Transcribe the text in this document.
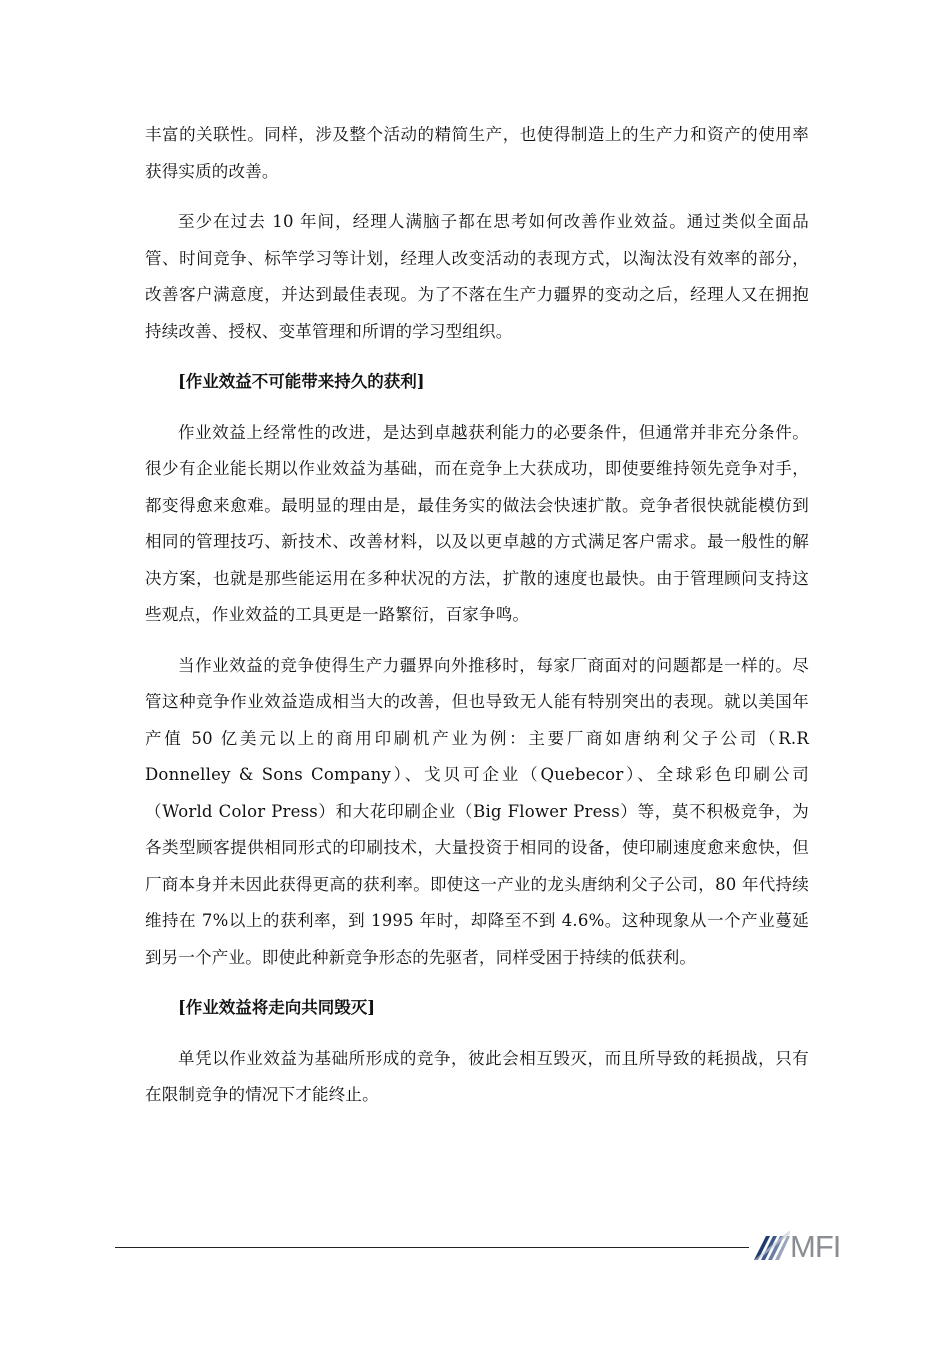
丰富的关联性。同样，涉及整个活动的精简生产，也使得制造上的生产力和资产的使用率获得实质的改善。

至少在过去 10 年间，经理人满脑子都在思考如何改善作业效益。通过类似全面品管、时间竞争、标竿学习等计划，经理人改变活动的表现方式，以淘汰没有效率的部分，改善客户满意度，并达到最佳表现。为了不落在生产力疆界的变动之后，经理人又在拥抱持续改善、授权、变革管理和所谓的学习型组织。

[作业效益不可能带来持久的获利]

作业效益上经常性的改进，是达到卓越获利能力的必要条件，但通常并非充分条件。很少有企业能长期以作业效益为基础，而在竞争上大获成功，即使要维持领先竞争对手，都变得愈来愈难。最明显的理由是，最佳务实的做法会快速扩散。竞争者很快就能模仿到相同的管理技巧、新技术、改善材料，以及以更卓越的方式满足客户需求。最一般性的解决方案，也就是那些能运用在多种状况的方法，扩散的速度也最快。由于管理顾问支持这些观点，作业效益的工具更是一路繁衍，百家争鸣。

当作业效益的竞争使得生产力疆界向外推移时，每家厂商面对的问题都是一样的。尽管这种竞争作业效益造成相当大的改善，但也导致无人能有特别突出的表现。就以美国年产值 50 亿美元以上的商用印刷机产业为例：主要厂商如唐纳利父子公司（R.R Donnelley & Sons Company）、戈贝可企业（Quebecor）、全球彩色印刷公司（World Color Press）和大花印刷企业（Big Flower Press）等，莫不积极竞争，为各类型顾客提供相同形式的印刷技术，大量投资于相同的设备，使印刷速度愈来愈快，但厂商本身并未因此获得更高的获利率。即使这一产业的龙头唐纳利父子公司，80 年代持续维持在 7%以上的获利率，到 1995 年时，却降至不到 4.6%。这种现象从一个产业蔓延到另一个产业。即使此种新竞争形态的先驱者，同样受困于持续的低获利。

[作业效益将走向共同毁灭]

单凭以作业效益为基础所形成的竞争，彼此会相互毁灭，而且所导致的耗损战，只有在限制竞争的情况下才能终止。

MFI
